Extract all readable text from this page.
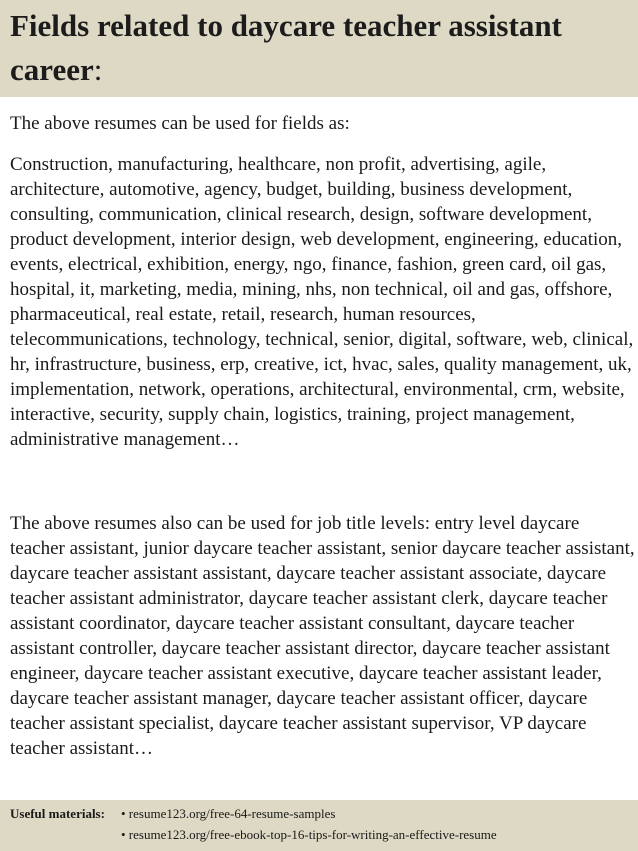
Fields related to daycare teacher assistant career:

The above resumes can be used for fields as:

Construction, manufacturing, healthcare, non profit, advertising, agile, architecture, automotive, agency, budget, building, business development, consulting, communication, clinical research, design, software development, product development, interior design, web development, engineering, education, events, electrical, exhibition, energy, ngo, finance, fashion, green card, oil gas, hospital, it, marketing, media, mining, nhs, non technical, oil and gas, offshore, pharmaceutical, real estate, retail, research, human resources, telecommunications, technology, technical, senior, digital, software, web, clinical, hr, infrastructure, business, erp, creative, ict, hvac, sales, quality management, uk, implementation, network, operations, architectural, environmental, crm, website, interactive, security, supply chain, logistics, training, project management, administrative management…

The above resumes also can be used for job title levels: entry level daycare teacher assistant, junior daycare teacher assistant, senior daycare teacher assistant, daycare teacher assistant assistant, daycare teacher assistant associate, daycare teacher assistant administrator, daycare teacher assistant clerk, daycare teacher assistant coordinator, daycare teacher assistant consultant, daycare teacher assistant controller, daycare teacher assistant director, daycare teacher assistant engineer, daycare teacher assistant executive, daycare teacher assistant leader, daycare teacher assistant manager, daycare teacher assistant officer, daycare teacher assistant specialist, daycare teacher assistant supervisor, VP daycare teacher assistant…

Useful materials: • resume123.org/free-64-resume-samples
• resume123.org/free-ebook-top-16-tips-for-writing-an-effective-resume
